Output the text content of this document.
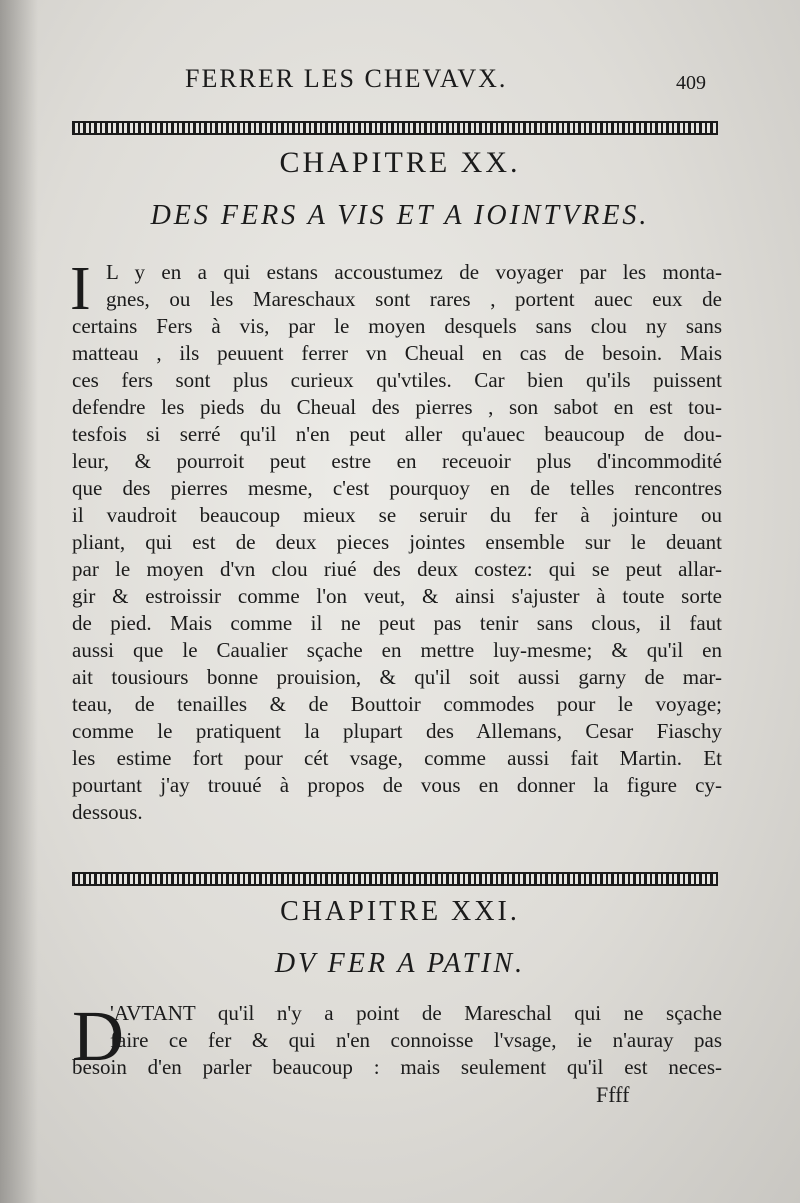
FERRER LES CHEVAVX.	409
CHAPITRE XX.
DES FERS A VIS ET A IOINTVRES.
I L y en a qui estans accoustumez de voyager par les monta-
gnes, ou les Mareschaux sont rares , portent auec eux de
certains Fers à vis, par le moyen desquels sans clou ny sans
matteau , ils peuuent ferrer vn Cheual en cas de besoin. Mais
ces fers sont plus curieux qu'vtiles. Car bien qu'ils puissent
defendre les pieds du Cheual des pierres , son sabot en est tou-
tesfois si serré qu'il n'en peut aller qu'auec beaucoup de dou-
leur, & pourroit peut estre en receuoir plus d'incommodité
que des pierres mesme, c'est pourquoy en de telles rencontres
il vaudroit beaucoup mieux se seruir du fer à jointure ou
pliant, qui est de deux pieces jointes ensemble sur le deuant
par le moyen d'vn clou riué des deux costez: qui se peut allar-
gir & estroissir comme l'on veut, & ainsi s'ajuster à toute sorte
de pied. Mais comme il ne peut pas tenir sans clous, il faut
aussi que le Caualier sçache en mettre luy-mesme; & qu'il en
ait tousiours bonne prouision, & qu'il soit aussi garny de mar-
teau, de tenailles & de Bouttoir commodes pour le voyage;
comme le pratiquent la plupart des Allemans, Cesar Fiaschy
les estime fort pour cét vsage, comme aussi fait Martin. Et
pourtant j'ay trouué à propos de vous en donner la figure cy-
dessous.
CHAPITRE XXI.
DV FER A PATIN.
D
'AVTANT qu'il n'y a point de Mareschal qui ne sçache
faire ce fer & qui n'en connoisse l'vsage, ie n'auray pas
besoin d'en parler beaucoup : mais seulement qu'il est neces-
Ffff
